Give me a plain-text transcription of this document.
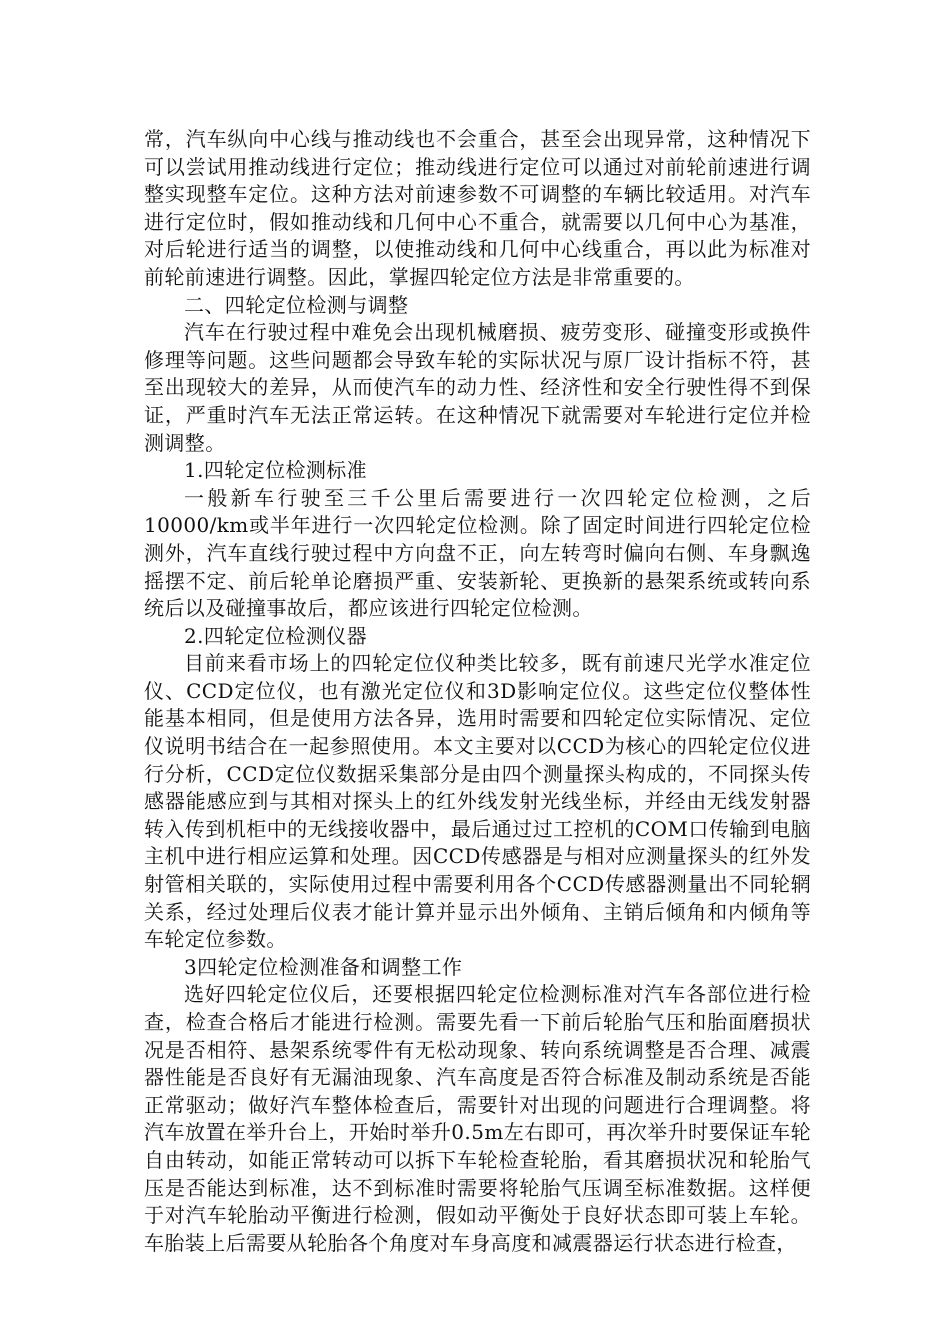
常，汽车纵向中心线与推动线也不会重合，甚至会出现异常，这种情况下可以尝试用推动线进行定位；推动线进行定位可以通过对前轮前速进行调整实现整车定位。这种方法对前速参数不可调整的车辆比较适用。对汽车进行定位时，假如推动线和几何中心不重合，就需要以几何中心为基准，对后轮进行适当的调整，以使推动线和几何中心线重合，再以此为标准对前轮前速进行调整。因此，掌握四轮定位方法是非常重要的。

二、四轮定位检测与调整

汽车在行驶过程中难免会出现机械磨损、疲劳变形、碰撞变形或换件修理等问题。这些问题都会导致车轮的实际状况与原厂设计指标不符，甚至出现较大的差异，从而使汽车的动力性、经济性和安全行驶性得不到保证，严重时汽车无法正常运转。在这种情况下就需要对车轮进行定位并检测调整。

1.四轮定位检测标准

一般新车行驶至三千公里后需要进行一次四轮定位检测，之后10000/km或半年进行一次四轮定位检测。除了固定时间进行四轮定位检测外，汽车直线行驶过程中方向盘不正，向左转弯时偏向右侧、车身飘逸摇摆不定、前后轮单论磨损严重、安装新轮、更换新的悬架系统或转向系统后以及碰撞事故后，都应该进行四轮定位检测。

2.四轮定位检测仪器

目前来看市场上的四轮定位仪种类比较多，既有前速尺光学水准定位仪、CCD定位仪，也有激光定位仪和3D影响定位仪。这些定位仪整体性能基本相同，但是使用方法各异，选用时需要和四轮定位实际情况、定位仪说明书结合在一起参照使用。本文主要对以CCD为核心的四轮定位仪进行分析，CCD定位仪数据采集部分是由四个测量探头构成的，不同探头传感器能感应到与其相对探头上的红外线发射光线坐标，并经由无线发射器转入传到机柜中的无线接收器中，最后通过过工控机的COM口传输到电脑主机中进行相应运算和处理。因CCD传感器是与相对应测量探头的红外发射管相关联的，实际使用过程中需要利用各个CCD传感器测量出不同轮辋关系，经过处理后仪表才能计算并显示出外倾角、主销后倾角和内倾角等车轮定位参数。

3四轮定位检测准备和调整工作

选好四轮定位仪后，还要根据四轮定位检测标准对汽车各部位进行检查，检查合格后才能进行检测。需要先看一下前后轮胎气压和胎面磨损状况是否相符、悬架系统零件有无松动现象、转向系统调整是否合理、减震器性能是否良好有无漏油现象、汽车高度是否符合标准及制动系统是否能正常驱动；做好汽车整体检查后，需要针对出现的问题进行合理调整。将汽车放置在举升台上，开始时举升0.5m左右即可，再次举升时要保证车轮自由转动，如能正常转动可以拆下车轮检查轮胎，看其磨损状况和轮胎气压是否能达到标准，达不到标准时需要将轮胎气压调至标准数据。这样便于对汽车轮胎动平衡进行检测，假如动平衡处于良好状态即可装上车轮。车胎装上后需要从轮胎各个角度对车身高度和减震器运行状态进行检查，
